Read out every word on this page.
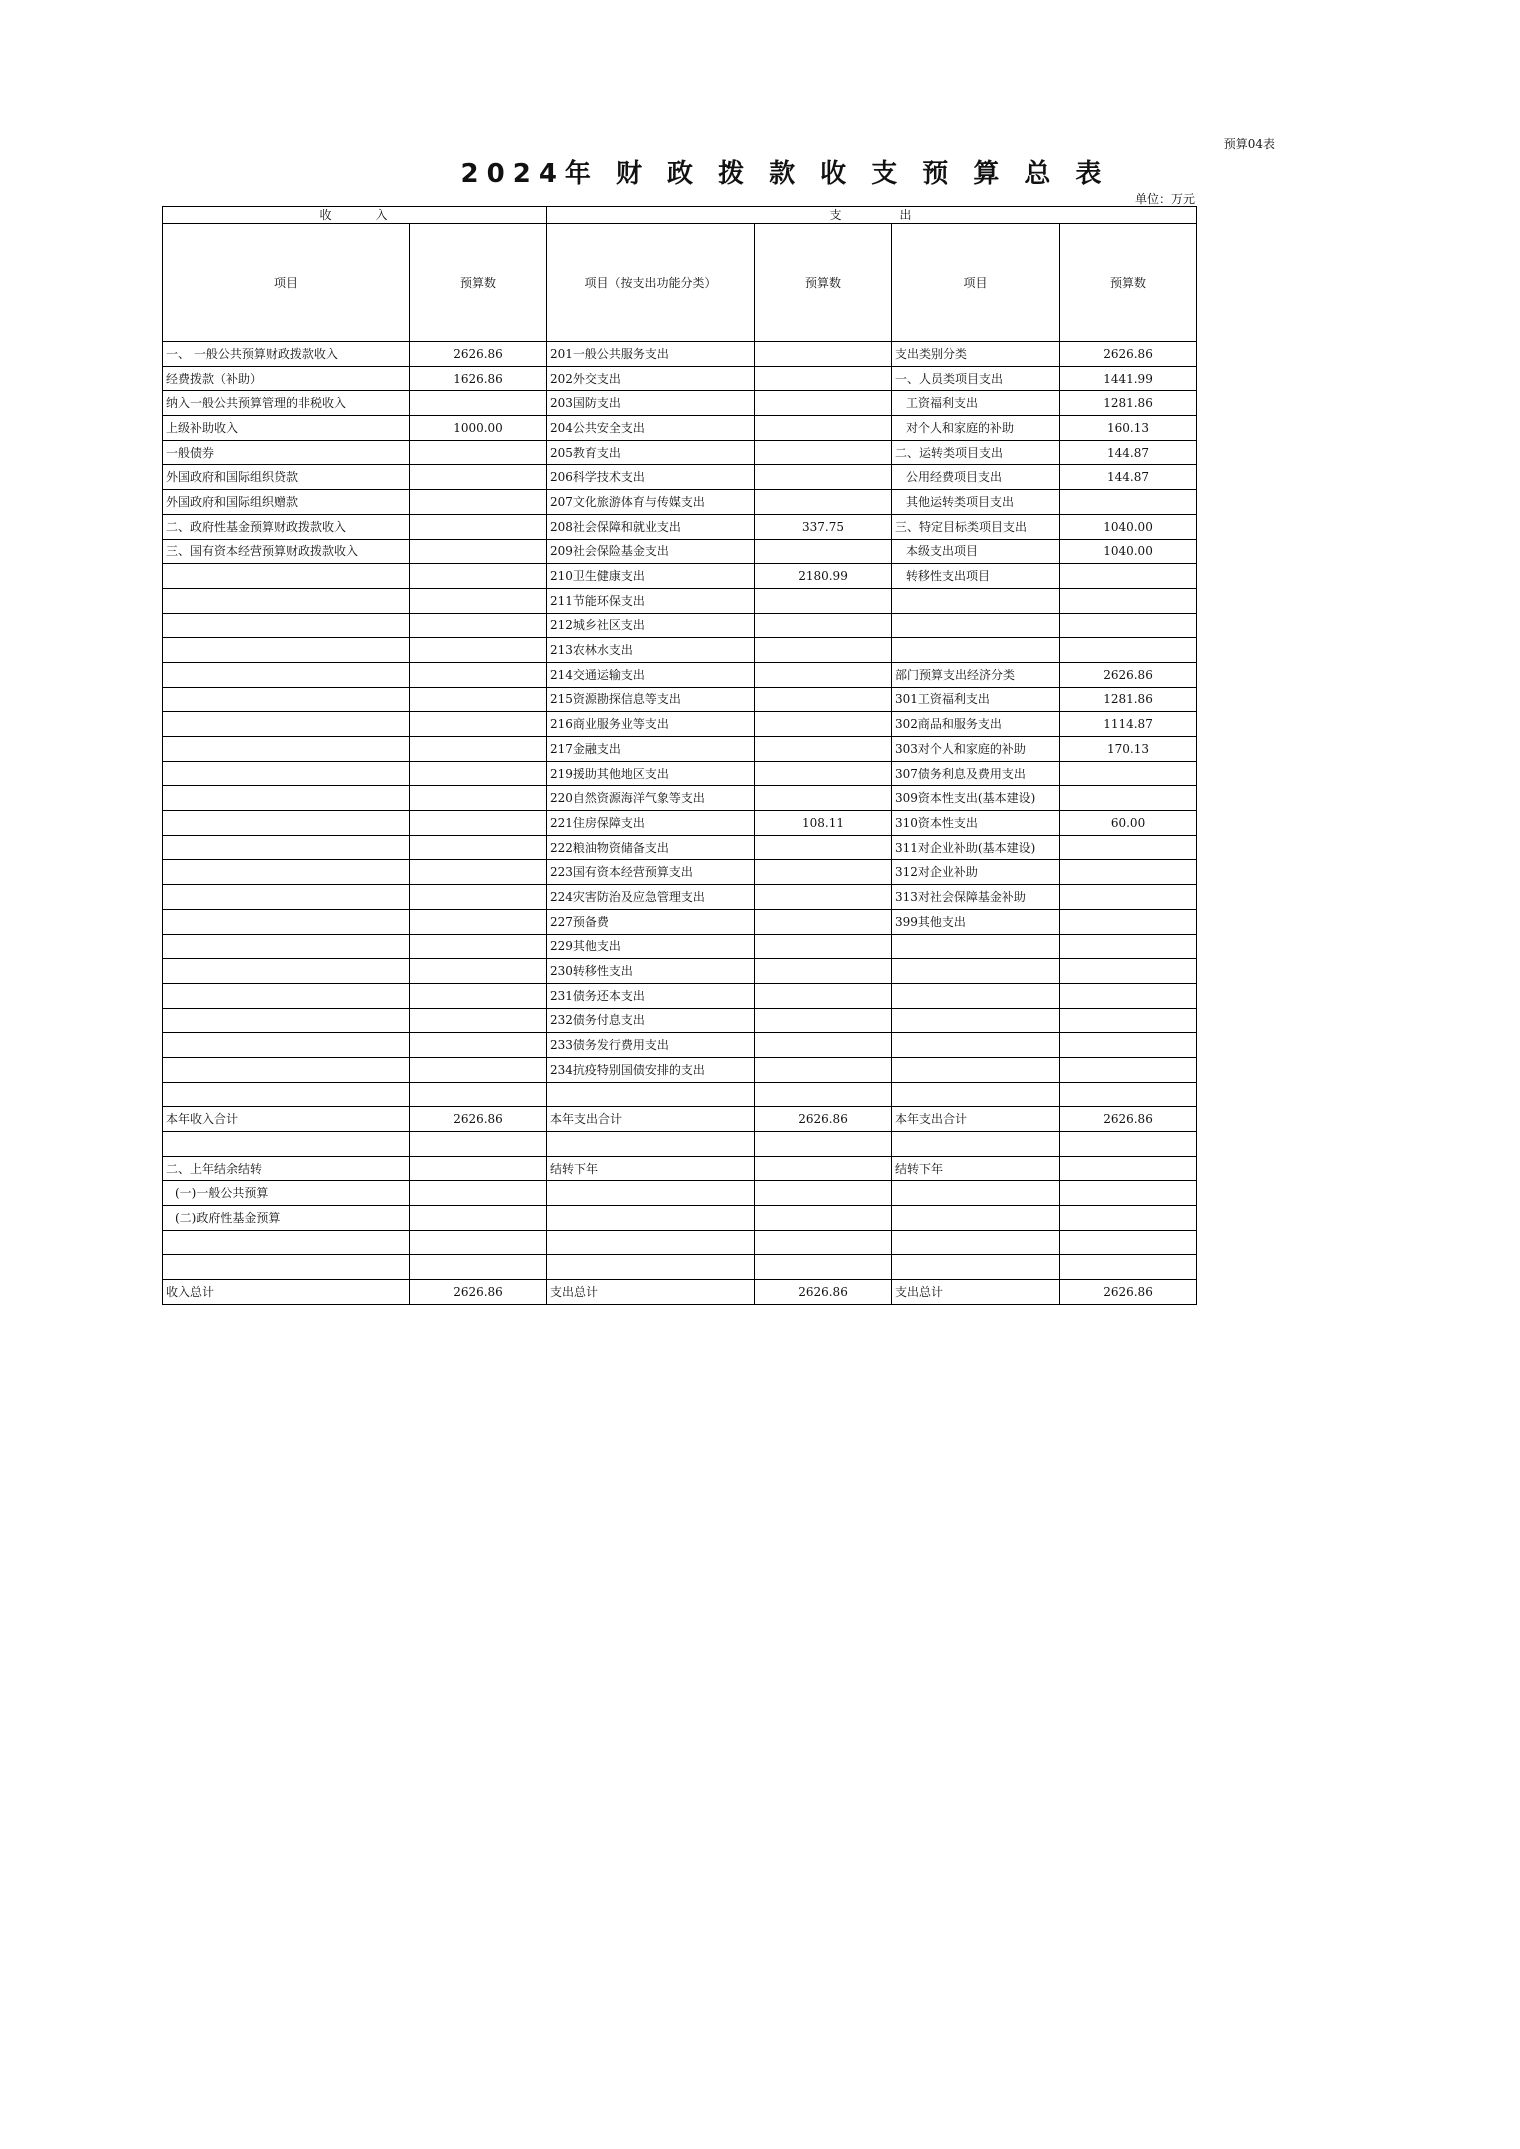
预算04表
2024年 财 政 拨 款 收 支 预 算 总 表
单位：万元
收　　　入		支　　　　出			
项目	预算数	项目（按支出功能分类）	预算数	项目	预算数
一、 一般公共预算财政拨款收入	2626.86	201一般公共服务支出		支出类别分类	2626.86
经费拨款（补助）	1626.86	202外交支出		一、人员类项目支出	1441.99
纳入一般公共预算管理的非税收入		203国防支出		工资福利支出	1281.86
上级补助收入	1000.00	204公共安全支出		对个人和家庭的补助	160.13
一般债券		205教育支出		二、运转类项目支出	144.87
外国政府和国际组织贷款		206科学技术支出		公用经费项目支出	144.87
外国政府和国际组织赠款		207文化旅游体育与传媒支出		其他运转类项目支出	
二、政府性基金预算财政拨款收入		208社会保障和就业支出	337.75	三、特定目标类项目支出	1040.00
三、国有资本经营预算财政拨款收入		209社会保险基金支出		本级支出项目	1040.00
		210卫生健康支出	2180.99	转移性支出项目	
		211节能环保支出			
		212城乡社区支出			
		213农林水支出			
		214交通运输支出		部门预算支出经济分类	2626.86
		215资源勘探信息等支出		301工资福利支出	1281.86
		216商业服务业等支出		302商品和服务支出	1114.87
		217金融支出		303对个人和家庭的补助	170.13
		219援助其他地区支出		307债务利息及费用支出	
		220自然资源海洋气象等支出		309资本性支出(基本建设)	
		221住房保障支出	108.11	310资本性支出	60.00
		222粮油物资储备支出		311对企业补助(基本建设)	
		223国有资本经营预算支出		312对企业补助	
		224灾害防治及应急管理支出		313对社会保障基金补助	
		227预备费		399其他支出	
		229其他支出			
		230转移性支出			
		231债务还本支出			
		232债务付息支出			
		233债务发行费用支出			
		234抗疫特别国债安排的支出			

本年收入合计	2626.86	本年支出合计	2626.86	本年支出合计	2626.86

二、上年结余结转		结转下年		结转下年	
(一)一般公共预算					
(二)政府性基金预算					

收入总计	2626.86	支出总计	2626.86	支出总计	2626.86
